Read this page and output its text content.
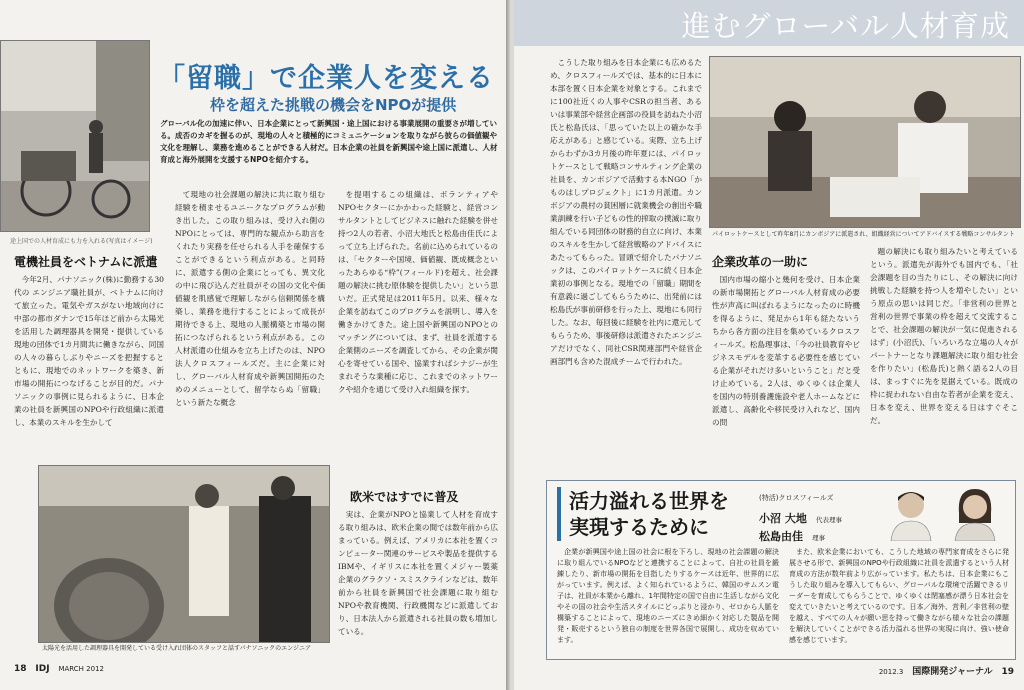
途上国での人材育成にも力を入れる(写真はイメージ)
「留職」で企業人を変える
枠を超えた挑戦の機会をNPOが提供
グローバル化の加速に伴い、日本企業にとって新興国・途上国における事業展開の重要さが増している。成否のカギを握るのが、現地の人々と積極的にコミュニケーションを取りながら彼らの価値観や文化を理解し、業務を進めることができる人材だ。日本企業の社員を新興国や途上国に派遣し、人材育成と海外展開を支援するNPOを紹介する。
電機社員をベトナムに派遣

今年2月、パナソニック(株)に勤務する30代の エンジニア職社員が、ベトナムに向けて旅立った。電気やガスがない地域向けに中部の都市ダナンで15年ほど前から太陽光を活用した調理器具を開発・提供している現地の団体で1カ月間共に働きながら、同国の人々の暮らしぶりやニーズを把握するとともに、現地でのネットワークを築き、新市場の開拓につなげることが目的だ。パナソニックの事例に見られるように、日本企業の社員を新興国のNPOや行政組織に派遣し、本業のスキルを生かして

て現地の社会課題の解決に共に取り組む経験を積ませるユニークなプログラムが動き出した。この取り組みは、受け入れ側のNPOにとっては、専門的な観点から助言をくれたり実務を任せられる人手を確保することができるという利点がある。と同時に、派遣する側の企業にとっても、異文化の中に飛び込んだ社員がその国の文化や価値観を肌感覚で理解しながら信頼関係を構築し、業務を進行することによって成長が期待できる上、現地の人脈構築と市場の開拓につなげられるという利点がある。この人材派遣の仕組みを立ち上げたのは、NPO法人クロスフィールズだ。主に企業に対し、グローバル人材育成や新興国開拓のためのメニューとして、留学ならぬ「留職」という新たな概念

を提唱するこの組織は、ボランティアやNPOセクターにかかわった経験と、経営コンサルタントとしてビジネスに触れた経験を併せ持つ2人の若者、小沼大地氏と松島由佳氏によって立ち上げられた。名前に込められているのは、「セクターや国境、価値観、既成概念といったあらゆる“枠”(フィールド)を超え、社会課題の解決に挑む原体験を提供したい」という思いだ。正式発足は2011年5月。以来、様々な企業を訪ねてこのプログラムを説明し、導入を働きかけてきた。途上国や新興国のNPOとのマッチングについては、まず、社員を派遣する企業側のニーズを調査してから、その企業が関心を寄せている国や、協業すればシナジーが生まれそうな業種に応じ、これまでのネットワークや紹介を通じて受け入れ組織を探す。

欧米ではすでに普及

実は、企業がNPOと協業して人材を育成する取り組みは、欧米企業の間では数年前から広まっている。例えば、アメリカに本社を置くコンピューター関連のサービスや製品を提供するIBMや、イギリスに本社を置くメジャー製薬企業のグラクソ・スミスクラインなどは、数年前から社員を新興国で社会課題に取り組むNPOや教育機関、行政機関などに派遣しており、日本法人から派遣される社員の数も増加している。

太陽光を活用した調理器具を開発している受け入れ団体のスタッフと話すパナソニックのエンジニア
18 IDJ MARCH 2012
進むグローバル人材育成

こうした取り組みを日本企業にも広めるため、クロスフィールズでは、基本的に日本に本部を置く日本企業を対象とする。これまでに100社近くの人事やCSRの担当者、あるいは事業部や経営企画部の役員を訪ねた小沼氏と松島氏は、「思っていた以上の確かな手応えがある」と感じている。実際、立ち上げからわずか3カ月後の昨年夏には、パイロットケースとして戦略コンサルティング企業の社員を、カンボジアで活動する本NGO「かものはしプロジェクト」に1カ月派遣。カンボジアの農村の貧困層に就業機会の創出や職業訓練を行い子どもの性的搾取の撲滅に取り組んでいる同団体の財務的自立に向け、本業のスキルを生かして経営戦略のアドバイスにあたってもらった。冒頭で紹介したパナソニックは、このパイロットケースに続く日本企業初の事例となる。現地での「留職」期間を有意義に過ごしてもらうために、出発前には松島氏が事前研修を行った上、現地にも同行した。なお、毎回後に経験を社内に還元してもらうため、事後研修は派遣されたエンジニアだけでなく、同社CSR関連部門や経営企画部門も含めた混成チームで行われた。

パイロットケースとして昨年8月にカンボジアに派遣され、組織経営についてアドバイスする戦略コンサルタント
企業改革の一助に

国内市場の縮小と幾何を受け、日本企業の新市場開拓とグローバル人材育成の必要性が声高に叫ばれるようになったのに時機を得るように、発足から1年も経たないうちから各方面の注目を集めているクロスフィールズ。松島理事は、「今の社員教育やビジネスモデルを変革する必要性を感じている企業がそれだけ多いということ」だと受け止めている。2人は、ゆくゆくは企業人を国内の特別養護施設や老人ホームなどに派遣し、高齢化や移民受け入れなど、国内の問

題の解決にも取り組みたいと考えているという。派遣先が海外でも国内でも、「社会課題を目の当たりにし、その解決に向け挑戦した経験を持つ人を増やしたい」という原点の思いは同じだ。「非営利の世界と営利の世界で事業の枠を超えて交流することで、社会課題の解決が一気に促進されるはず」(小沼氏)、「いろいろな立場の人々がパートナーとなり課題解決に取り組む社会を作りたい」(松島氏)と熱く語る2人の目は、まっすぐに先を見据えている。既成の枠に捉われない自由な若者が企業を変え、日本を変え、世界を変える日はすぐそこだ。

活力溢れる世界を
実現するために
(特活)クロスフィールズ
小沼 大地 代表理事
松島由佳 理事
企業が新興国や途上国の社会に根を下ろし、現地の社会課題の解決に取り組んでいるNPOなどと連携することによって、自社の社員を鍛錬したり、新市場の開拓を目指したりするケースは近年、世界的に広がっています。例えば、よく知られているように、韓国のサムスン電子は、社員が本業から離れ、1年間特定の国で自由に生活しながら文化やその国の社会や生活スタイルにどっぷりと浸かり、ゼロから人脈を構築することによって、現地のニーズにきめ細かく対応した製品を開発・販売するという独自の制度を世界各国で展開し、成功を収めています。
また、欧米企業においても、こうした地域の専門家育成をさらに発展させる形で、新興国のNPOや行政組織に社員を派遣するという人材育成の方法が数年前より広がっています。私たちは、日本企業にもこうした取り組みを導入してもらい、グローバルな環境で活躍できるリーダーを育成してもらうことで、ゆくゆくは閉塞感が漂う日本社会を変えていきたいと考えているのです。日本／海外、営利／非営利の壁を越え、すべての人々が願い思を持って働きながら様々な社会の課題を解決していくことができる活力溢れる世界の実現に向け、強い使命感を感じています。
2012.3 国際開発ジャーナル 19
